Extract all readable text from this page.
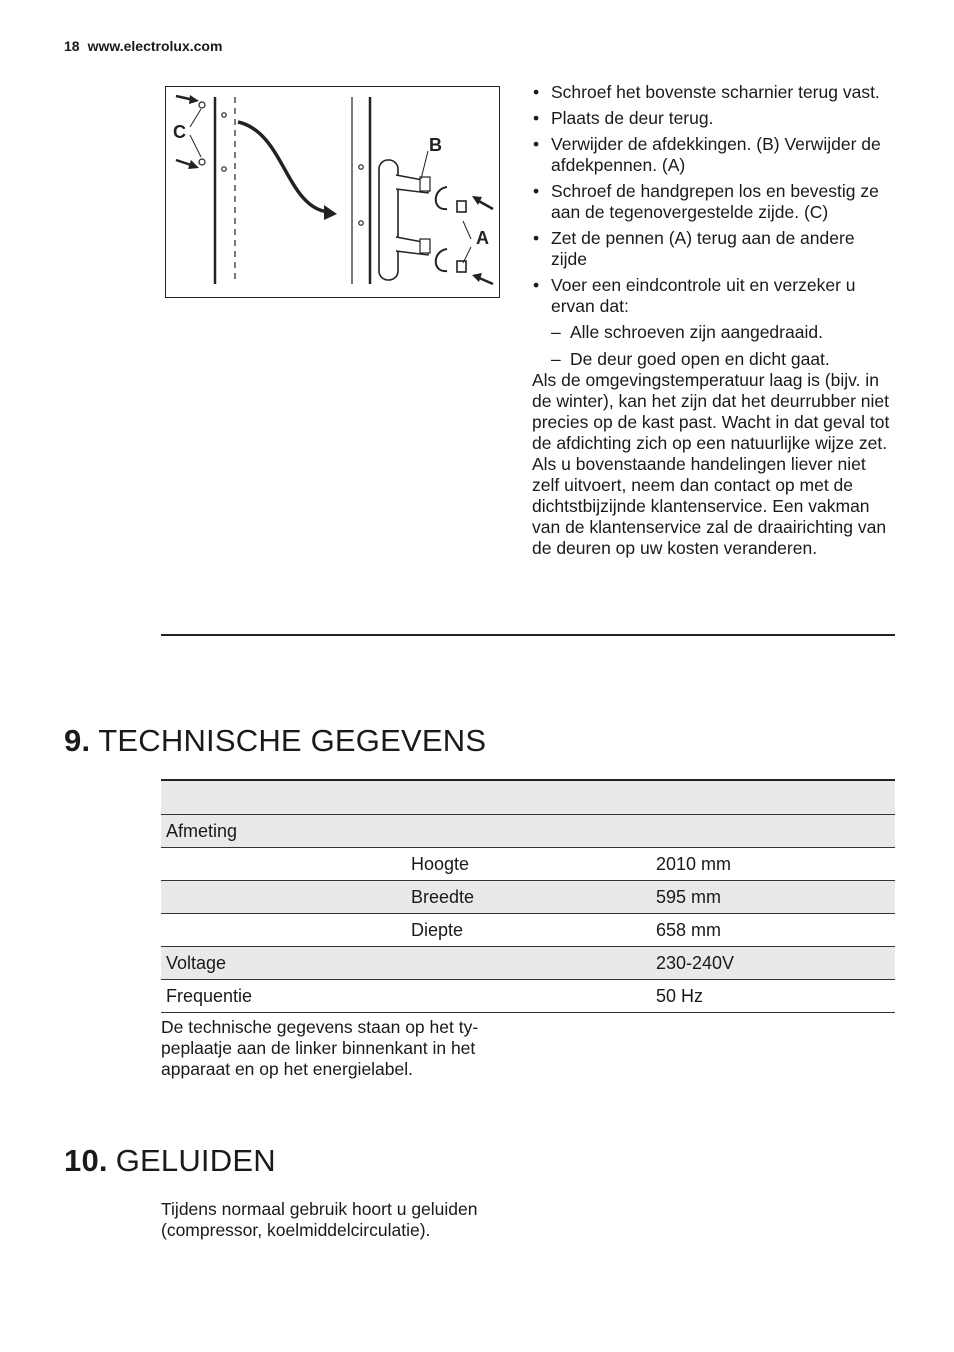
18 www.electrolux.com
C
B
A
• Schroef het bovenste scharnier terug vast.
• Plaats de deur terug.
• Verwijder de afdekkingen. (B) Verwijder de afdekpennen. (A)
• Schroef de handgrepen los en bevestig ze aan de tegenovergestelde zijde. (C)
• Zet de pennen (A) terug aan de andere zijde
• Voer een eindcontrole uit en verzeker u ervan dat:
– Alle schroeven zijn aangedraaid.
– De deur goed open en dicht gaat.

Als de omgevingstemperatuur laag is (bijv. in de winter), kan het zijn dat het deurrubber niet precies op de kast past. Wacht in dat geval tot de afdichting zich op een natuurlijke wijze zet.

Als u bovenstaande handelingen liever niet zelf uitvoert, neem dan contact op met de dichtstbijzijnde klantenservice. Een vakman van de klantenservice zal de draairichting van de deuren op uw kosten veranderen.

9. TECHNISCHE GEGEVENS

Afmeting		
	Hoogte	2010 mm
	Breedte	595 mm
	Diepte	658 mm
Voltage		230-240V
Frequentie		50 Hz

De technische gegevens staan op het typeplaatje aan de linker binnenkant in het apparaat en op het energielabel.

10. GELUIDEN

Tijdens normaal gebruik hoort u geluiden (compressor, koelmiddelcirculatie).
